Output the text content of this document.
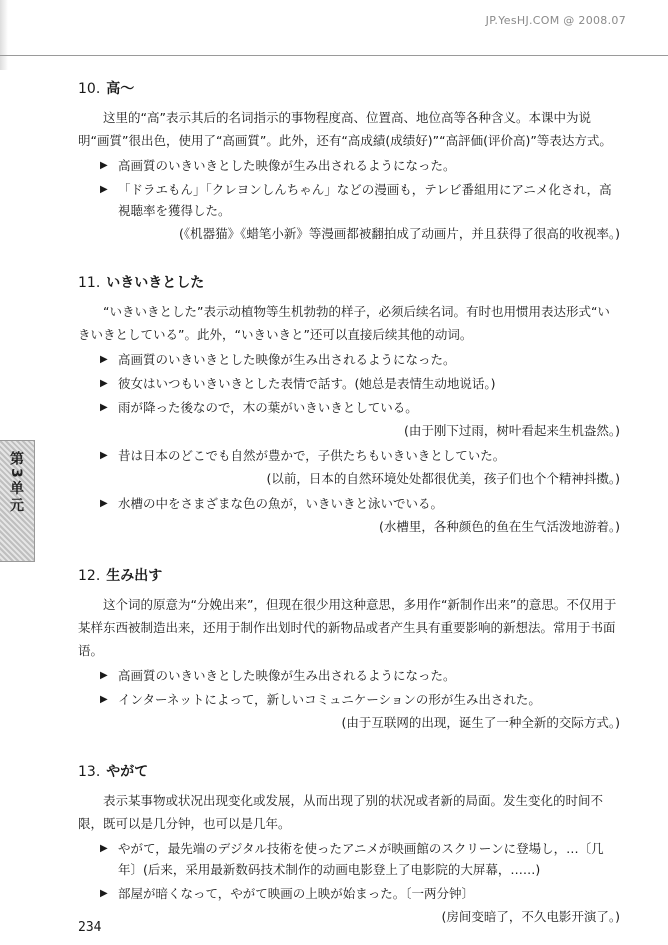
JP.YesHJ.COM @ 2008.07
第3单元
10. 高～

这里的“高”表示其后的名词指示的事物程度高、位置高、地位高等各种含义。本课中为说明“画質”很出色，使用了“高画質”。此外，还有“高成績(成绩好)”“高評価(评价高)”等表达方式。

▶ 高画質のいきいきとした映像が生み出されるようになった。
▶ 「ドラエもん」「クレヨンしんちゃん」などの漫画も，テレビ番組用にアニメ化され，高視聴率を獲得した。
(《机器猫》《蜡笔小新》等漫画都被翻拍成了动画片，并且获得了很高的收视率。)
11. いきいきとした

“いきいきとした”表示动植物等生机勃勃的样子，必须后续名词。有时也用惯用表达形式“いきいきとしている”。此外，“いきいきと”还可以直接后续其他的动词。

▶ 高画質のいきいきとした映像が生み出されるようになった。
▶ 彼女はいつもいきいきとした表情で話す。(她总是表情生动地说话。)
▶ 雨が降った後なので，木の葉がいきいきとしている。
(由于刚下过雨，树叶看起来生机盎然。)
▶ 昔は日本のどこでも自然が豊かで，子供たちもいきいきとしていた。
(以前，日本的自然环境处处都很优美，孩子们也个个精神抖擞。)
▶ 水槽の中をさまざまな色の魚が，いきいきと泳いでいる。
(水槽里，各种颜色的鱼在生气活泼地游着。)
12. 生み出す

这个词的原意为“分娩出来”，但现在很少用这种意思，多用作“新制作出来”的意思。不仅用于某样东西被制造出来，还用于制作出划时代的新物品或者产生具有重要影响的新想法。常用于书面语。

▶ 高画質のいきいきとした映像が生み出されるようになった。
▶ インターネットによって，新しいコミュニケーションの形が生み出された。
(由于互联网的出现，诞生了一种全新的交际方式。)
13. やがて

表示某事物或状况出现变化或发展，从而出现了别的状况或者新的局面。发生变化的时间不限，既可以是几分钟，也可以是几年。

▶ やがて，最先端のデジタル技術を使ったアニメが映画館のスクリーンに登場し，…〔几年〕(后来，采用最新数码技术制作的动画电影登上了电影院的大屏幕，……)
▶ 部屋が暗くなって，やがて映画の上映が始まった。〔一两分钟〕
(房间变暗了，不久电影开演了。)
234
